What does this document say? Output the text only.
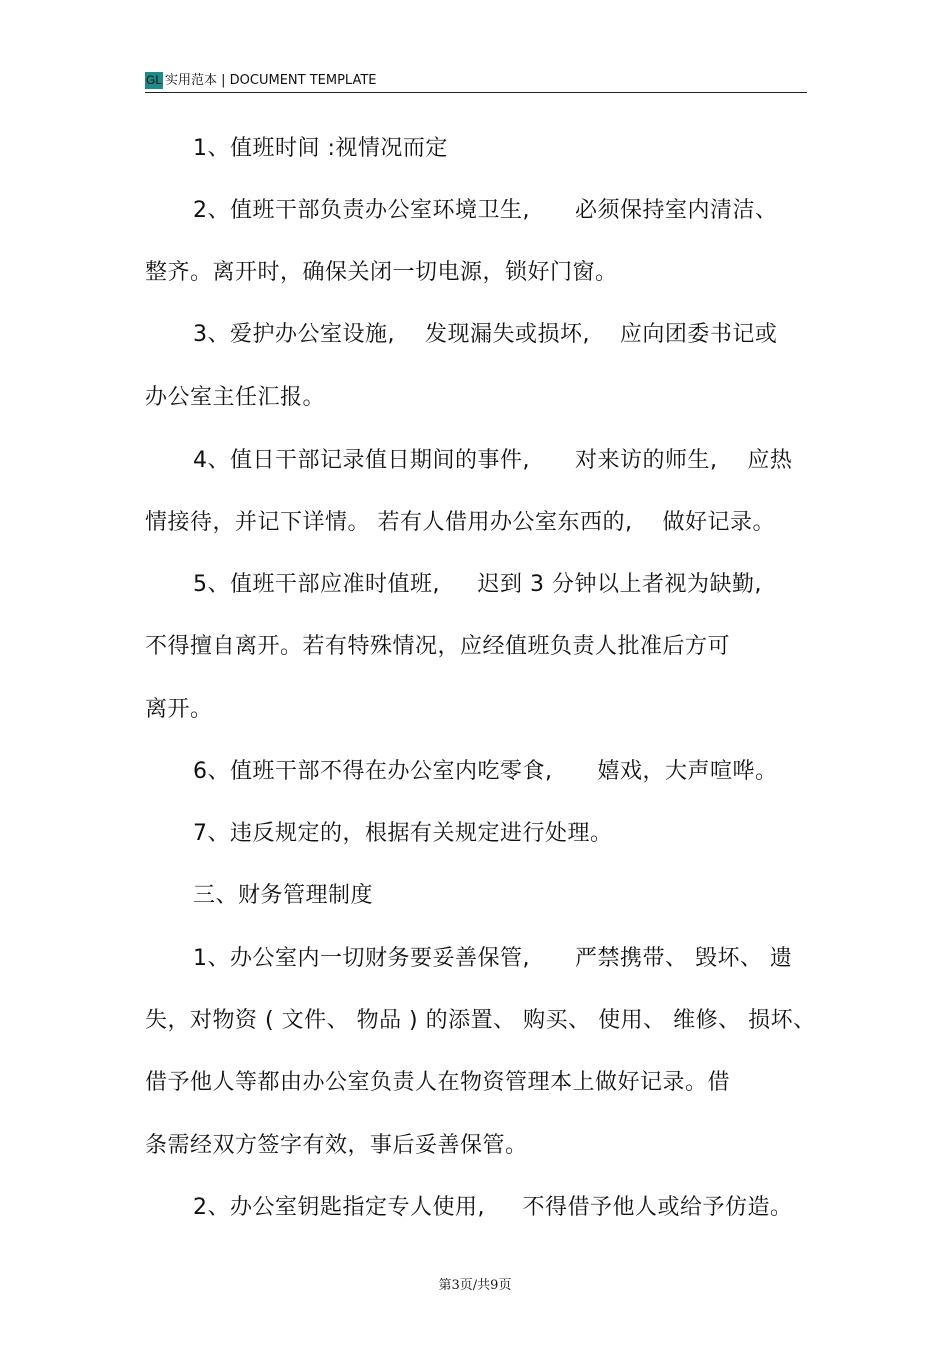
GL 实用范本 | DOCUMENT TEMPLATE
1、值班时间 :视情况而定
2、值班干部负责办公室环境卫生,      必须保持室内清洁、
整齐。离开时，确保关闭一切电源，锁好门窗。
3、爱护办公室设施,    发现漏失或损坏,    应向团委书记或
办公室主任汇报。
4、值日干部记录值日期间的事件,      对来访的师生,    应热
情接待，并记下详情。 若有人借用办公室东西的,    做好记录。
5、值班干部应准时值班,     迟到 3 分钟以上者视为缺勤,
不得擅自离开。若有特殊情况，应经值班负责人批准后方可
离开。
6、值班干部不得在办公室内吃零食,      嬉戏，大声喧哗。
7、违反规定的，根据有关规定进行处理。
三、财务管理制度
1、办公室内一切财务要妥善保管,      严禁携带、 毁坏、 遗
失，对物资 ( 文件、 物品 ) 的添置、 购买、 使用、 维修、 损坏、
借予他人等都由办公室负责人在物资管理本上做好记录。借
条需经双方签字有效，事后妥善保管。
2、办公室钥匙指定专人使用,     不得借予他人或给予仿造。
第3页/共9页
